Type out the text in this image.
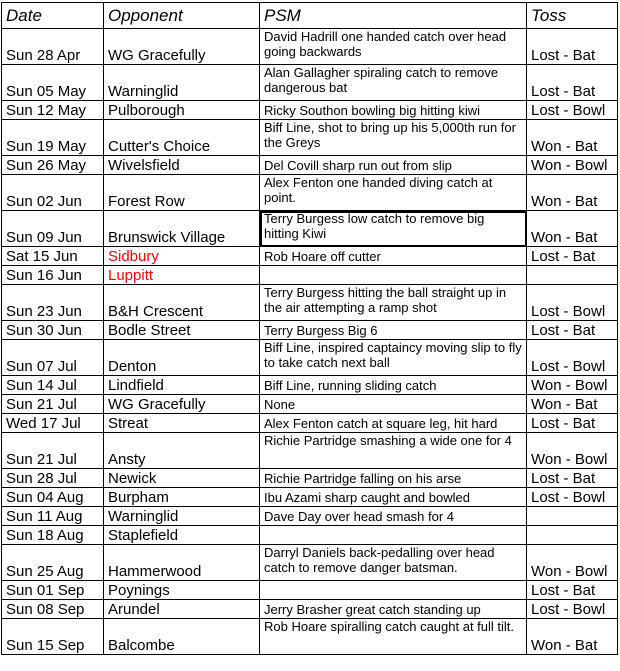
Date	Opponent	PSM	Toss
Sun 28 Apr	WG Gracefully	David Hadrill one handed catch over head going backwards	Lost - Bat
Sun 05 May	Warninglid	Alan Gallagher spiraling catch to remove dangerous bat	Lost - Bat
Sun 12 May	Pulborough	Ricky Southon bowling big hitting kiwi	Lost - Bowl
Sun 19 May	Cutter's Choice	Biff Line, shot to bring up his 5,000th run for the Greys	Won - Bat
Sun 26 May	Wivelsfield	Del Covill sharp run out from slip	Won - Bowl
Sun 02 Jun	Forest Row	Alex Fenton one handed diving catch at point.	Won - Bat
Sun 09 Jun	Brunswick Village	Terry Burgess low catch to remove big hitting Kiwi	Won - Bat
Sat 15 Jun	Sidbury	Rob Hoare off cutter	Lost - Bat
Sun 16 Jun	Luppitt		
Sun 23 Jun	B&H Crescent	Terry Burgess hitting the ball straight up in the air attempting a ramp shot	Lost - Bowl
Sun 30 Jun	Bodle Street	Terry Burgess Big 6	Lost - Bat
Sun 07 Jul	Denton	Biff Line, inspired captaincy moving slip to fly to take catch next ball	Lost - Bowl
Sun 14 Jul	Lindfield	Biff Line, running sliding catch	Won - Bowl
Sun 21 Jul	WG Gracefully	None	Won - Bat
Wed 17 Jul	Streat	Alex Fenton catch at square leg, hit hard	Lost - Bat
Sun 21 Jul	Ansty	Richie Partridge smashing a wide one for 4	Won - Bowl
Sun 28 Jul	Newick	Richie Partridge falling on his arse	Lost - Bat
Sun 04 Aug	Burpham	Ibu Azami sharp caught and bowled	Lost - Bowl
Sun 11 Aug	Warninglid	Dave Day over head smash for 4	
Sun 18 Aug	Staplefield		
Sun 25 Aug	Hammerwood	Darryl Daniels back-pedalling over head catch to remove danger batsman.	Won - Bowl
Sun 01 Sep	Poynings		Lost - Bat
Sun 08 Sep	Arundel	Jerry Brasher great catch standing up	Lost - Bowl
Sun 15 Sep	Balcombe	Rob Hoare spiralling catch caught at full tilt.	Won - Bat
